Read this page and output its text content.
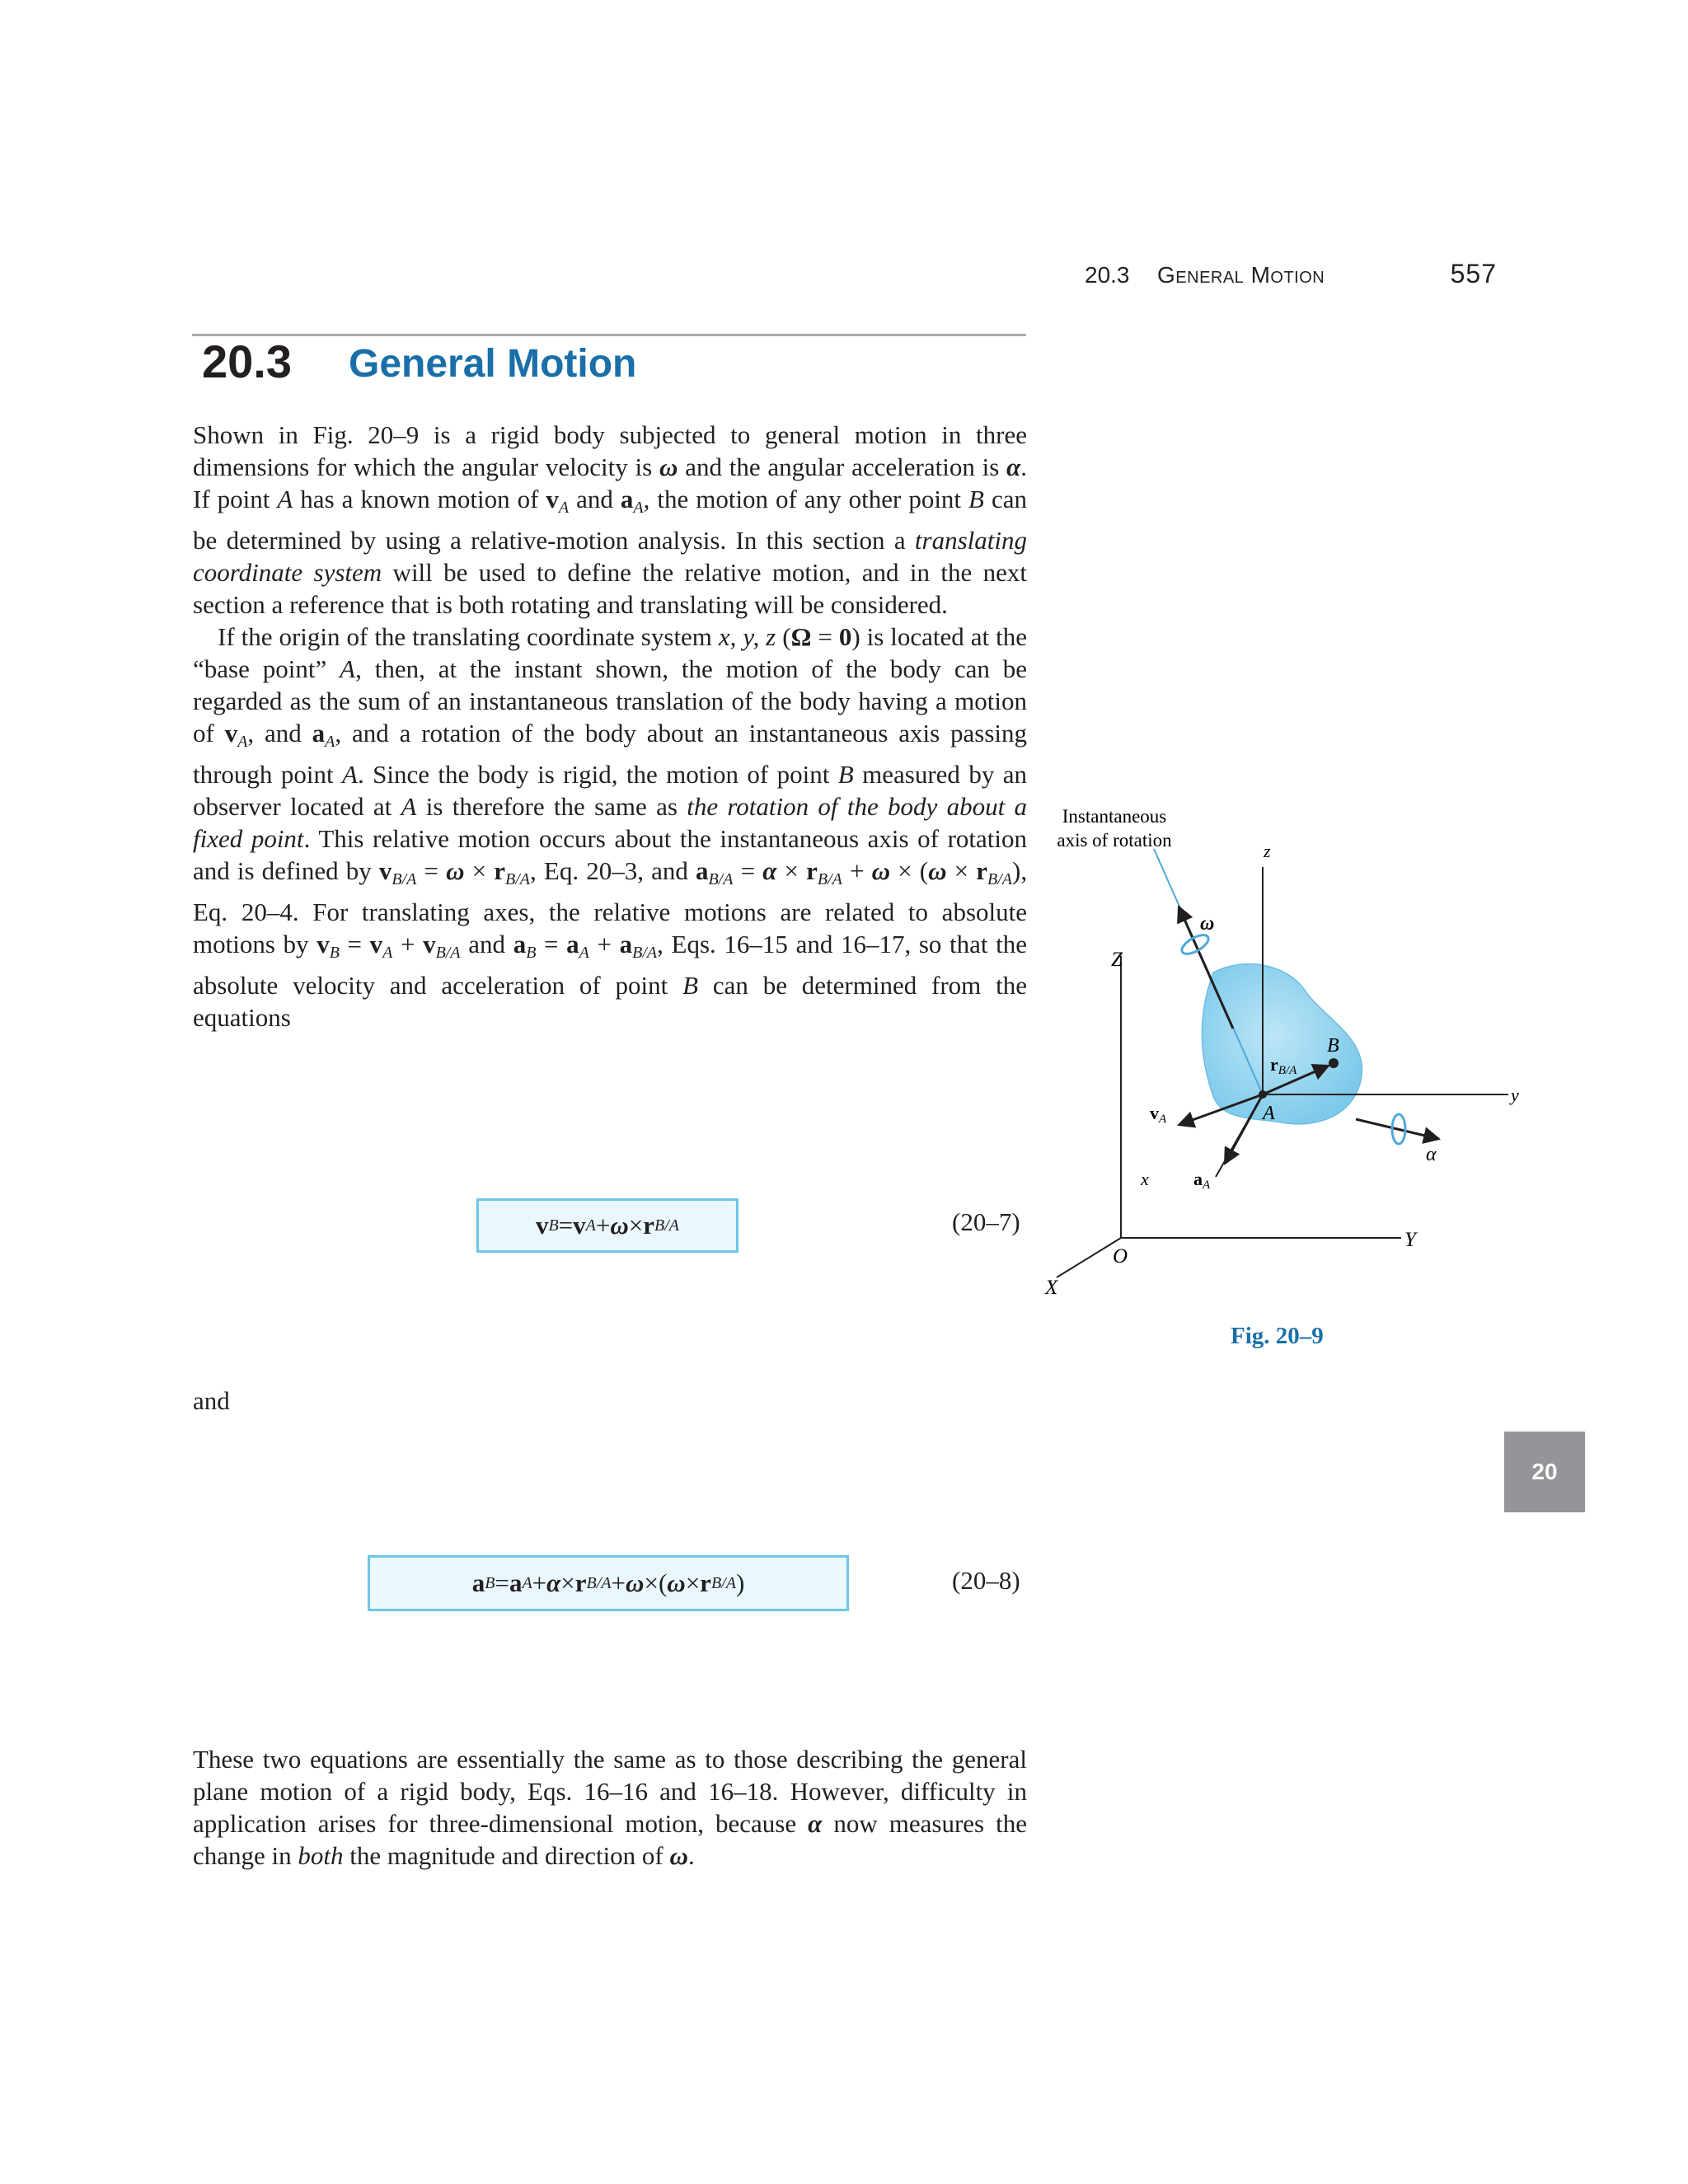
20.3 General Motion	557
20.3 General Motion

Shown in Fig. 20–9 is a rigid body subjected to general motion in three dimensions for which the angular velocity is ω and the angular acceleration is α. If point A has a known motion of $v_A$ and $a_A$, the motion of any other point B can be determined by using a relative-motion analysis. In this section a translating coordinate system will be used to define the relative motion, and in the next section a reference that is both rotating and translating will be considered.

If the origin of the translating coordinate system x, y, z (Ω = 0) is located at the “base point” A, then, at the instant shown, the motion of the body can be regarded as the sum of an instantaneous translation of the body having a motion of $v_A$, and $a_A$, and a rotation of the body about an instantaneous axis passing through point A. Since the body is rigid, the motion of point B measured by an observer located at A is therefore the same as the rotation of the body about a fixed point. This relative motion occurs about the instantaneous axis of rotation and is defined by $v_{B/A} = \omega \times r_{B/A}$, Eq. 20–3, and $a_{B/A} = \alpha \times r_{B/A} + \omega \times (\omega \times r_{B/A})$, Eq. 20–4. For translating axes, the relative motions are related to absolute motions by $v_B = v_A + v_{B/A}$ and $a_B = a_A + a_{B/A}$, Eqs. 16–15 and 16–17, so that the absolute velocity and acceleration of point B can be determined from the equations

v B = v A + ω × r B/A	(20–7)
and
a B = a A + α × r B/A + ω × ( ω × r B/A )	(20–8)
These two equations are essentially the same as to those describing the general plane motion of a rigid body, Eqs. 16–16 and 16–18. However, difficulty in application arises for three-dimensional motion, because α now measures the change in both the magnitude and direction of ω.
Instantaneous
axis of rotation
Z
Y
X
O
z
y
x
ω
A
B
rB/A
vA
aA
α
Fig. 20–9
20
